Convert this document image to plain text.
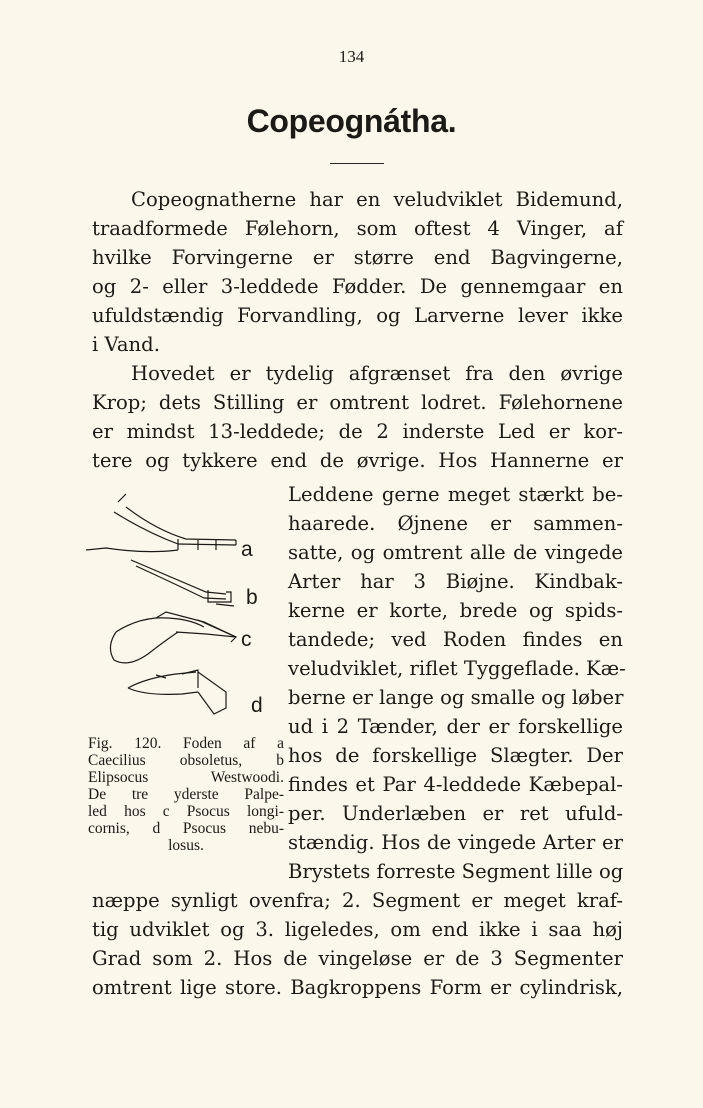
134
Copeognátha.
Copeognatherne har en veludviklet Bidemund,
traadformede Følehorn, som oftest 4 Vinger, af
hvilke Forvingerne er større end Bagvingerne,
og 2- eller 3-leddede Fødder. De gennemgaar en
ufuldstændig Forvandling, og Larverne lever ikke
i Vand.
Hovedet er tydelig afgrænset fra den øvrige
Krop; dets Stilling er omtrent lodret. Følehornene
er mindst 13-leddede; de 2 inderste Led er kor-
tere og tykkere end de øvrige. Hos Hannerne er
a
b
c
d
Fig. 120. Foden af a
Caecilius obsoletus, b
Elipsocus Westwoodi.
De tre yderste Palpe-
led hos c Psocus longi-
cornis, d Psocus nebu-
losus.
Leddene gerne meget stærkt be-
haarede. Øjnene er sammen-
satte, og omtrent alle de vingede
Arter har 3 Biøjne. Kindbak-
kerne er korte, brede og spids-
tandede; ved Roden findes en
veludviklet, riflet Tyggeflade. Kæ-
berne er lange og smalle og løber
ud i 2 Tænder, der er forskellige
hos de forskellige Slægter. Der
findes et Par 4-leddede Kæbepal-
per. Underlæben er ret ufuld-
stændig. Hos de vingede Arter er
Brystets forreste Segment lille og
næppe synligt ovenfra; 2. Segment er meget kraf-
tig udviklet og 3. ligeledes, om end ikke i saa høj
Grad som 2. Hos de vingeløse er de 3 Segmenter
omtrent lige store. Bagkroppens Form er cylindrisk,
